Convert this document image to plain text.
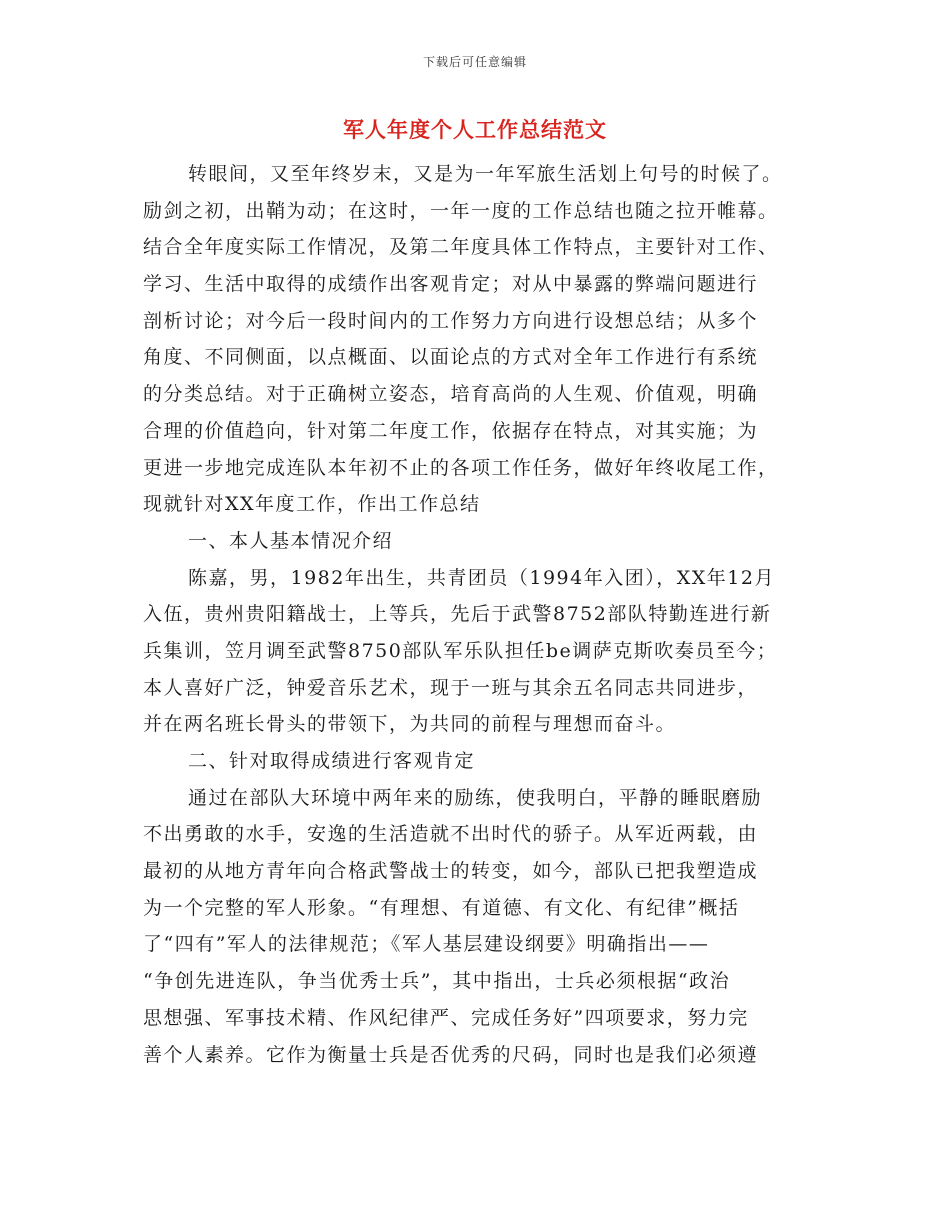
下载后可任意编辑
军人年度个人工作总结范文
转眼间，又至年终岁末，又是为一年军旅生活划上句号的时候了。
励剑之初，出鞘为动；在这时，一年一度的工作总结也随之拉开帷幕。
结合全年度实际工作情况，及第二年度具体工作特点，主要针对工作、
学习、生活中取得的成绩作出客观肯定；对从中暴露的弊端问题进行
剖析讨论；对今后一段时间内的工作努力方向进行设想总结；从多个
角度、不同侧面，以点概面、以面论点的方式对全年工作进行有系统
的分类总结。对于正确树立姿态，培育高尚的人生观、价值观，明确
合理的价值趋向，针对第二年度工作，依据存在特点，对其实施；为
更进一步地完成连队本年初不止的各项工作任务，做好年终收尾工作，
现就针对XX年度工作，作出工作总结
一、本人基本情况介绍
陈嘉，男，1982年出生，共青团员（1994年入团），XX年12月
入伍，贵州贵阳籍战士，上等兵，先后于武警8752部队特勤连进行新
兵集训，笠月调至武警8750部队军乐队担任be调萨克斯吹奏员至今；
本人喜好广泛，钟爱音乐艺术，现于一班与其余五名同志共同进步，
并在两名班长骨头的带领下，为共同的前程与理想而奋斗。
二、针对取得成绩进行客观肯定
通过在部队大环境中两年来的励练，使我明白，平静的睡眠磨励
不出勇敢的水手，安逸的生活造就不出时代的骄子。从军近两载，由
最初的从地方青年向合格武警战士的转变，如今，部队已把我塑造成
为一个完整的军人形象。“有理想、有道德、有文化、有纪律”概括
了“四有”军人的法律规范；《军人基层建设纲要》明确指出——
“争创先进连队，争当优秀士兵”，其中指出，士兵必须根据“政治
思想强、军事技术精、作风纪律严、完成任务好”四项要求，努力完
善个人素养。它作为衡量士兵是否优秀的尺码，同时也是我们必须遵
